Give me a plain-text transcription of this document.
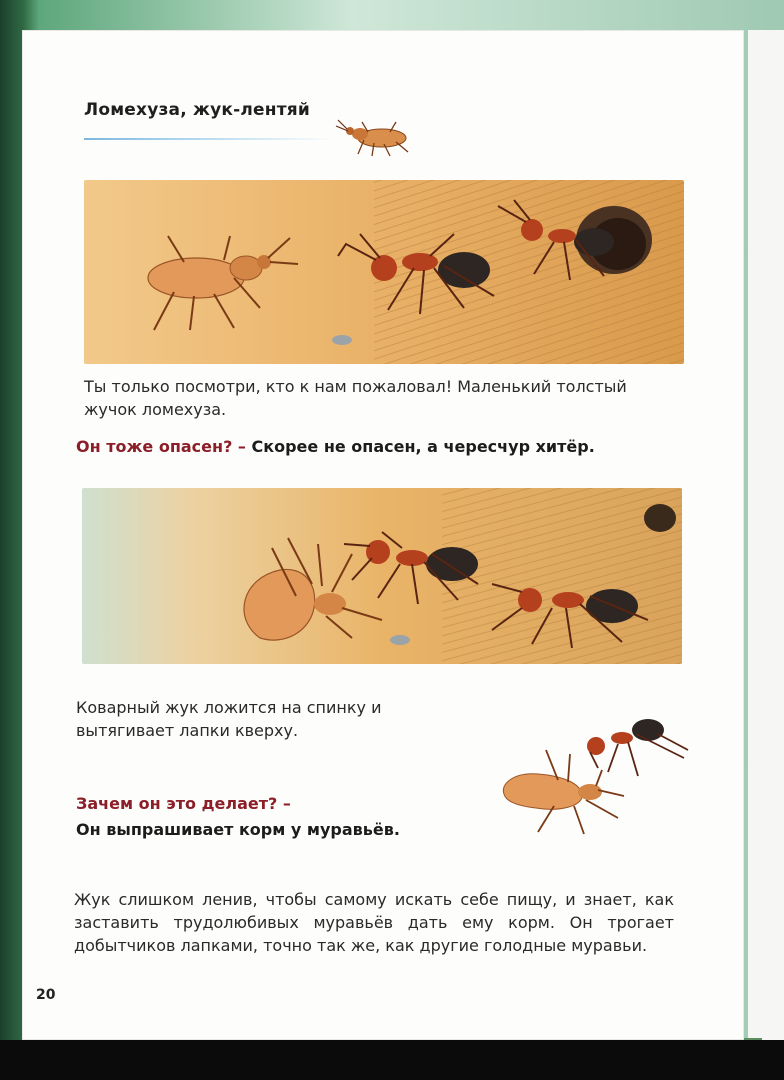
Ломехуза, жук-лентяй
Ты только посмотри, кто к нам пожаловал! Маленький толстый жучок ломехуза.
Он тоже опасен? – Скорее не опасен, а чересчур хитёр.
Коварный жук ложится на спинку и вытягивает лапки кверху.
Зачем он это делает? –
Он выпрашивает корм у муравьёв.
Жук слишком ленив, чтобы самому искать себе пищу, и знает, как заставить трудолюбивых муравьёв дать ему корм. Он трогает добытчиков лапками, точно так же, как другие голодные муравьи.
20
